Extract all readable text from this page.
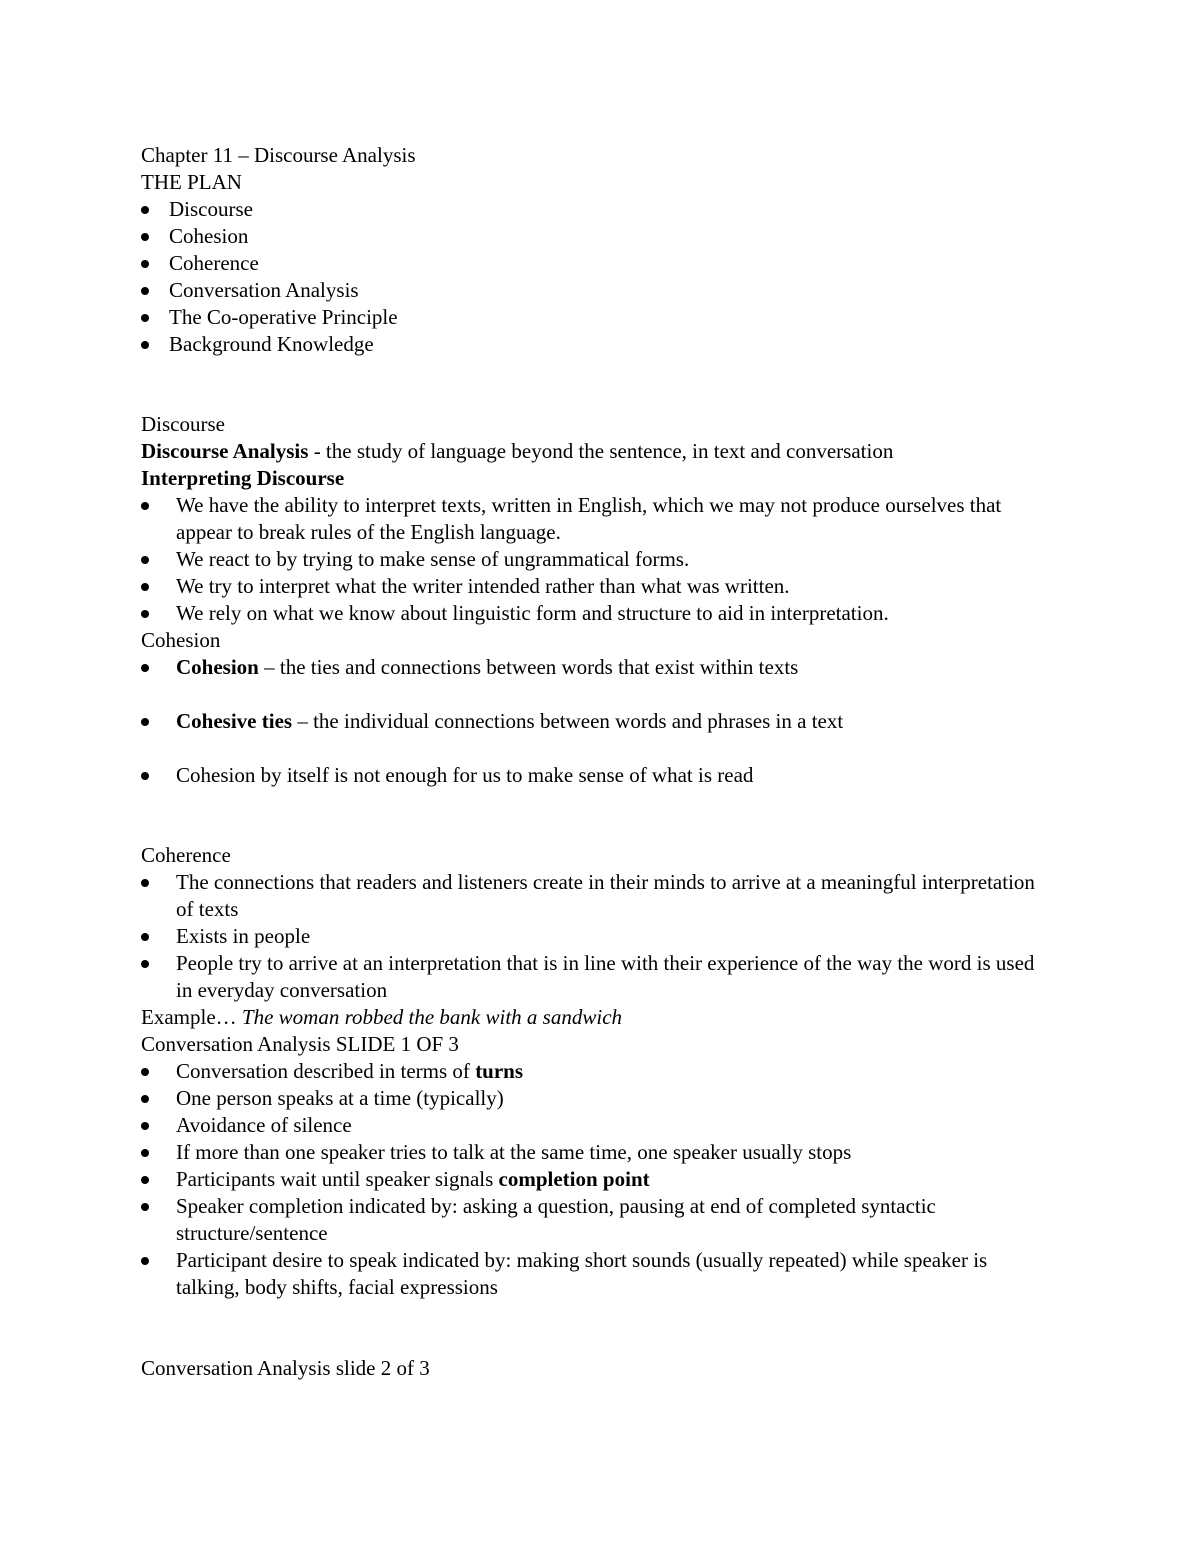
Chapter 11 – Discourse Analysis
THE PLAN
Discourse
Cohesion
Coherence
Conversation Analysis
The Co-operative Principle
Background Knowledge
Discourse
Discourse Analysis - the study of language beyond the sentence, in text and conversation
Interpreting Discourse
We have the ability to interpret texts, written in English, which we may not produce ourselves that appear to break rules of the English language.
We react to by trying to make sense of ungrammatical forms.
We try to interpret what the writer intended rather than what was written.
We rely on what we know about linguistic form and structure to aid in interpretation.
Cohesion
Cohesion – the ties and connections between words that exist within texts
Cohesive ties – the individual connections between words and phrases in a text
Cohesion by itself is not enough for us to make sense of what is read
Coherence
The connections that readers and listeners create in their minds to arrive at a meaningful interpretation of texts
Exists in people
People try to arrive at an interpretation that is in line with their experience of the way the word is used in everyday conversation
Example… The woman robbed the bank with a sandwich
Conversation Analysis SLIDE 1 OF 3
Conversation described in terms of turns
One person speaks at a time (typically)
Avoidance of silence
If more than one speaker tries to talk at the same time, one speaker usually stops
Participants wait until speaker signals completion point
Speaker completion indicated by: asking a question, pausing at end of completed syntactic structure/sentence
Participant desire to speak indicated by: making short sounds (usually repeated) while speaker is talking, body shifts, facial expressions
Conversation Analysis slide 2 of 3
